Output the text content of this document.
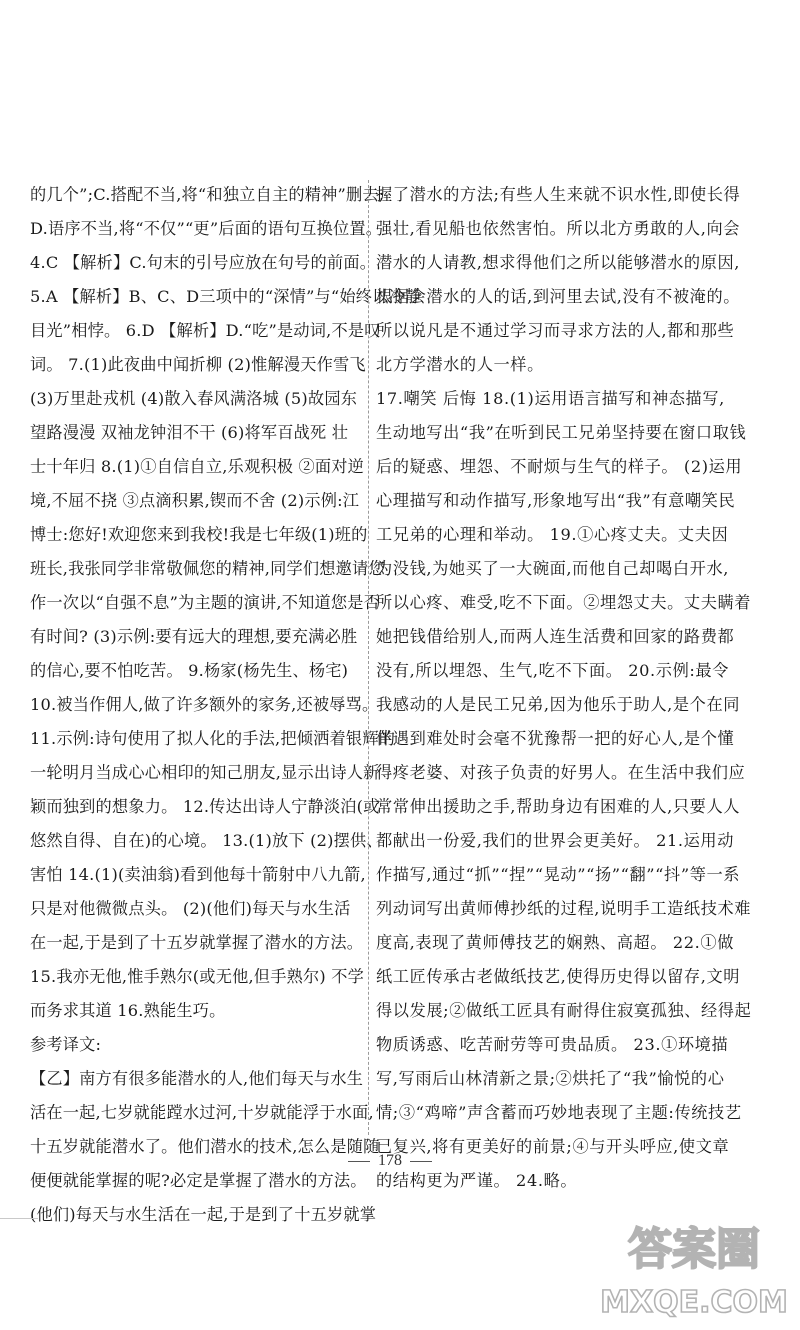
的几个”;C.搭配不当,将“和独立自主的精神”删去;
D.语序不当,将“不仅”“更”后面的语句互换位置。
4.C 【解析】C.句末的引号应放在句号的前面。
5.A 【解析】B、C、D三项中的“深情”与“始终以冷静
目光”相悖。 6.D 【解析】D.“吃”是动词,不是叹
词。 7.(1)此夜曲中闻折柳 (2)惟解漫天作雪飞
(3)万里赴戎机 (4)散入春风满洛城 (5)故园东
望路漫漫 双袖龙钟泪不干 (6)将军百战死 壮
士十年归 8.(1)①自信自立,乐观积极 ②面对逆
境,不屈不挠 ③点滴积累,锲而不舍 (2)示例:江
博士:您好!欢迎您来到我校!我是七年级(1)班的
班长,我张同学非常敬佩您的精神,同学们想邀请您
作一次以“自强不息”为主题的演讲,不知道您是否
有时间? (3)示例:要有远大的理想,要充满必胜
的信心,要不怕吃苦。 9.杨家(杨先生、杨宅)
10.被当作佣人,做了许多额外的家务,还被辱骂。
11.示例:诗句使用了拟人化的手法,把倾洒着银辉的
一轮明月当成心心相印的知己朋友,显示出诗人新
颖而独到的想象力。 12.传达出诗人宁静淡泊(或
悠然自得、自在)的心境。 13.(1)放下 (2)摆供、
害怕 14.(1)(卖油翁)看到他每十箭射中八九箭,
只是对他微微点头。 (2)(他们)每天与水生活
在一起,于是到了十五岁就掌握了潜水的方法。
15.我亦无他,惟手熟尔(或无他,但手熟尔) 不学
而务求其道 16.熟能生巧。
参考译文:
【乙】南方有很多能潜水的人,他们每天与水生
活在一起,七岁就能蹚水过河,十岁就能浮于水面,
十五岁就能潜水了。他们潜水的技术,怎么是随随
便便就能掌握的呢?必定是掌握了潜水的方法。
(他们)每天与水生活在一起,于是到了十五岁就掌
握了潜水的方法;有些人生来就不识水性,即使长得
强壮,看见船也依然害怕。所以北方勇敢的人,向会
潜水的人请教,想求得他们之所以能够潜水的原因,
根据会潜水的人的话,到河里去试,没有不被淹的。
所以说凡是不通过学习而寻求方法的人,都和那些
北方学潜水的人一样。
17.嘲笑 后悔 18.(1)运用语言描写和神态描写,
生动地写出“我”在听到民工兄弟坚持要在窗口取钱
后的疑惑、埋怨、不耐烦与生气的样子。 (2)运用
心理描写和动作描写,形象地写出“我”有意嘲笑民
工兄弟的心理和举动。 19.①心疼丈夫。丈夫因
为没钱,为她买了一大碗面,而他自己却喝白开水,
所以心疼、难受,吃不下面。②埋怨丈夫。丈夫瞒着
她把钱借给别人,而两人连生活费和回家的路费都
没有,所以埋怨、生气,吃不下面。 20.示例:最令
我感动的人是民工兄弟,因为他乐于助人,是个在同
伴遇到难处时会毫不犹豫帮一把的好心人,是个懂
得疼老婆、对孩子负责的好男人。在生活中我们应
常常伸出援助之手,帮助身边有困难的人,只要人人
都献出一份爱,我们的世界会更美好。 21.运用动
作描写,通过“抓”“捏”“晃动”“扬”“翻”“抖”等一系
列动词写出黄师傅抄纸的过程,说明手工造纸技术难
度高,表现了黄师傅技艺的娴熟、高超。 22.①做
纸工匠传承古老做纸技艺,使得历史得以留存,文明
得以发展;②做纸工匠具有耐得住寂寞孤独、经得起
物质诱惑、吃苦耐劳等可贵品质。 23.①环境描
写,写雨后山林清新之景;②烘托了“我”愉悦的心
情;③“鸡啼”声含蓄而巧妙地表现了主题:传统技艺
已复兴,将有更美好的前景;④与开头呼应,使文章
的结构更为严谨。 24.略。
178
答案圈
MXQE.COM
